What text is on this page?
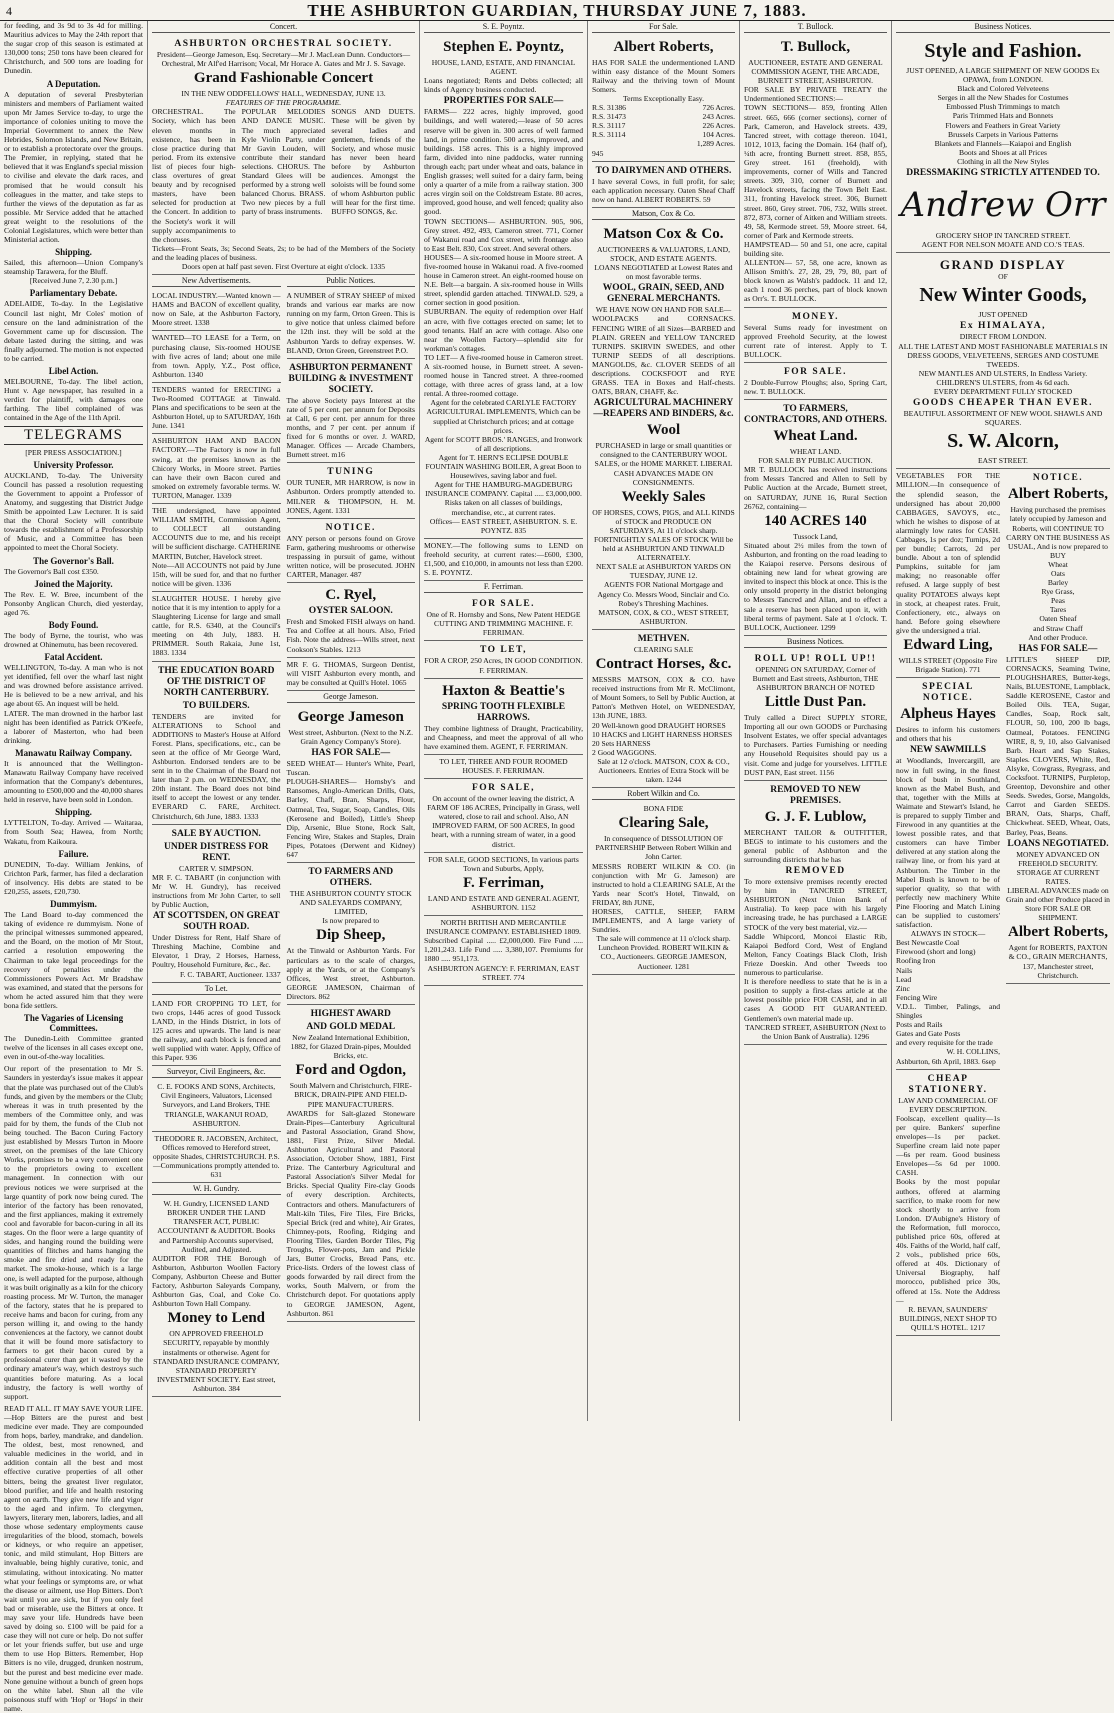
4	THE ASHBURTON GUARDIAN, THURSDAY JUNE 7, 1883.

for feeding, and 3s 9d to 3s 4d for milling. Mauritius advices to May the 24th report that the sugar crop of this season is estimated at 130,000 tons; 250 tons have been cleared for Christchurch, and 500 tons are loading for Dunedin.

A Deputation.

A deputation of several Presbyterian ministers and members of Parliament waited upon Mr James Service to-day, to urge the importance of colonies uniting to move the Imperial Government to annex the New Hebrides, Solomon Islands, and New Britain, or to establish a protectorate over the groups. The Premier, in replying, stated that he believed that it was England's special mission to civilise and elevate the dark races, and promised that he would consult his colleagues in the matter, and take steps to further the views of the deputation as far as possible. Mr Service added that he attached great weight to the resolutions of the Colonial Legislatures, which were better than Ministerial action.

Shipping.

Sailed, this afternoon—Union Company's steamship Tarawera, for the Bluff.

[Received June 7, 2.30 p.m.]

Parliamentary Debate.

ADELAIDE, To-day. In the Legislative Council last night, Mr Coles' motion of censure on the land administration of the Government came up for discussion. The debate lasted during the sitting, and was finally adjourned. The motion is not expected to be carried.

Libel Action.

MELBOURNE, To-day. The libel action, Hunt v. Age newspaper, has resulted in a verdict for plaintiff, with damages one farthing. The libel complained of was contained in the Age of the 11th April.

TELEGRAMS

[PER PRESS ASSOCIATION.]

University Professor.

AUCKLAND, To-day. The University Council has passed a resolution requesting the Government to appoint a Professor of Anatomy, and suggesting that District Judge Smith be appointed Law Lecturer. It is said that the Choral Society will contribute towards the establishment of a Professorship of Music, and a Committee has been appointed to meet the Choral Society.

The Governor's Ball.

The Governor's Ball cost £350.

Joined the Majority.

The Rev. E. W. Bree, incumbent of the Ponsonby Anglican Church, died yesterday, aged 76.

Body Found.

The body of Byrne, the tourist, who was drowned at Ohinemutu, has been recovered.

Fatal Accident.

WELLINGTON, To-day. A man who is not yet identified, fell over the wharf last night and was drowned before assistance arrived. He is believed to be a new arrival, and his age about 65. An inquest will be held.

LATER. The man drowned in the harbor last night has been identified as Patrick O'Keefe, a laborer of Masterton, who had been drinking.

Manawatu Railway Company.

It is announced that the Wellington-Manawatu Railway Company have received information that the Company's debentures, amounting to £500,000 and the 40,000 shares held in reserve, have been sold in London.

Shipping.

LYTTELTON, To-day. Arrived — Waitaraa, from South Sea; Hawea, from North; Wakatu, from Kaikoura.

Failure.

DUNEDIN, To-day. William Jenkins, of Crichton Park, farmer, has filed a declaration of insolvency. His debts are stated to be £20,255, assets, £20,730.

Dummyism.

The Land Board to-day commenced the taking of evidence re dummyism. None of the principal witnesses summoned appeared, and the Board, on the motion of Mr Stout, carried a resolution empowering the Chairman to take legal proceedings for the recovery of penalties under the Commissioners Powers Act. Mr Bradshaw was examined, and stated that the persons for whom he acted assured him that they were bona fide settlers.

The Vagaries of Licensing Committees.

The Dunedin-Leith Committee granted twelve of the licenses in all cases except one, even in out-of-the-way localities.

Our report of the presentation to Mr S. Saunders in yesterday's issue makes it appear that the plate was purchased out of the Club's funds, and given by the members or the Club; whereas it was in truth presented by the members of the Committee only, and was paid for by them, the funds of the Club not being touched. The Bacon Curing Factory just established by Messrs Turton in Moore street, on the premises of the late Chicory Works, promises to be a very convenient one to the proprietors owing to excellent management. In connection with our previous notices we were surprised at the large quantity of pork now being cured. The interior of the factory has been renovated, and the first appliances, making it extremely cool and favorable for bacon-curing in all its stages. On the floor were a large quantity of sides, and hanging round the building were quantities of flitches and hams hanging the smoke and fire dried and ready for the market. The smoke-house, which is a large one, is well adapted for the purpose, although it was built originally as a kiln for the chicory roasting process. Mr W. Turton, the manager of the factory, states that he is prepared to receive hams and bacon for curing, from any person willing it, and owing to the handy conveniences at the factory, we cannot doubt that it will be found more satisfactory to farmers to get their bacon cured by a professional curer than get it wasted by the ordinary amateur's way, which destroys such quantities before maturing. As a local industry, the factory is well worthy of support.

READ IT ALL. IT MAY SAVE YOUR LIFE.—Hop Bitters are the purest and best medicine ever made. They are compounded from hops, barley, mandrake, and dandelion. The oldest, best, most renowned, and valuable medicines in the world, and in addition contain all the best and most effective curative properties of all other bitters, being the greatest liver regulator, blood purifier, and life and health restoring agent on earth. They give new life and vigor to the aged and infirm. To clergymen, lawyers, literary men, laborers, ladies, and all those whose sedentary employments cause irregularities of the blood, stomach, bowels or kidneys, or who require an appetiser, tonic, and mild stimulant, Hop Bitters are invaluable, being highly curative, tonic, and stimulating, without intoxicating. No matter what your feelings or symptoms are, or what the disease or ailment, use Hop Bitters. Don't wait until you are sick, but if you only feel bad or miserable, use the Bitters at once. It may save your life. Hundreds have been saved by doing so. £100 will be paid for a case they will not cure or help. Do not suffer or let your friends suffer, but use and urge them to use Hop Bitters. Remember, Hop Bitters is no vile, drugged, drunken nostrum, but the purest and best medicine ever made. None genuine without a bunch of green hops on the white label. Shun all the vile poisonous stuff with 'Hop' or 'Hops' in their name.

Concert.
ASHBURTON ORCHESTRAL SOCIETY.

President—George Jameson, Esq. Secretary—Mr J. MacLean Dunn. Conductors—Orchestral, Mr Alf'ed Harrison; Vocal, Mr Horace A. Gates and Mr J. S. Savage.

Grand Fashionable Concert

IN THE NEW ODDFELLOWS' HALL, WEDNESDAY, JUNE 13.

FEATURES OF THE PROGRAMME.

ORCHESTRAL. The Society, which has been eleven months in existence, has been in close practice during that period. From its extensive list of pieces four high-class overtures of great beauty and by recognised masters, have been selected for production at the Concert. In addition to the Society's work it will supply accompaniments to the choruses.

POPULAR MELODIES AND DANCE MUSIC. The much appreciated Kyle Violin Party, under Mr Gavin Louden, will contribute their standard selections. CHORUS. The Standard Glees will be performed by a strong well balanced Chorus. BRASS. Two new pieces by a full party of brass instruments.

SONGS AND DUETS. These will be given by several ladies and gentlemen, friends of the Society, and whose music has never been heard before by Ashburton audiences. Amongst the soloists will be found some of whom Ashburton public will hear for the first time. BUFFO SONGS, &c.

Tickets—Front Seats, 3s; Second Seats, 2s; to be had of the Members of the Society and the leading places of business.

Doors open at half past seven. First Overture at eight o'clock. 1335

New Advertisements.

LOCAL INDUSTRY.—Wanted known —HAMS and BACON of excellent quality, now on Sale, at the Ashburton Factory, Moore street. 1338

WANTED—TO LEASE for a Term, on purchasing clause, Six-roomed HOUSE with five acres of land; about one mile from town. Apply, Y.Z., Post office, Ashburton. 1340

TENDERS wanted for ERECTING a Two-Roomed COTTAGE at Tinwald. Plans and specifications to be seen at the Ashburton Hotel, up to SATURDAY, 16th June. 1341

ASHBURTON HAM AND BACON FACTORY.—The Factory is now in full swing, at the premises known as the Chicory Works, in Moore street. Parties can have their own Bacon cured and smoked on extremely favorable terms. W. TURTON, Manager. 1339

THE undersigned, have appointed WILLIAM SMITH, Commission Agent, to COLLECT all outstanding ACCOUNTS due to me, and his receipt will be sufficient discharge. CATHERINE MARTIN, Butcher, Havelock street.

Note—All ACCOUNTS not paid by June 15th, will be sued for, and that no further notice will be given. 1336

SLAUGHTER HOUSE. I hereby give notice that it is my intention to apply for a Slaughtering License for large and small cattle, for R.S. 6340, at the Council's meeting on 4th July, 1883. H. PRIMMER. South Rakaia, June 1st, 1883. 1334

THE EDUCATION BOARD OF THE DISTRICT OF NORTH CANTERBURY.
TO BUILDERS.

TENDERS are invited for ALTERATIONS to School and ADDITIONS to Master's House at Alford Forest. Plans, specifications, etc., can be seen at the office of Mr George Ward, Ashburton. Endorsed tenders are to be sent in to the Chairman of the Board not later than 2 p.m. on WEDNESDAY, the 20th instant. The Board does not bind itself to accept the lowest or any tender. EVERARD C. FARE, Architect. Christchurch, 6th June, 1883. 1333

SALE BY AUCTION.
UNDER DISTRESS FOR RENT.

CARTER V. SIMPSON.

MR F. C. TABART (in conjunction with Mr W. H. Gundry), has received instructions from Mr John Carter, to sell by Public Auction,

AT SCOTTSDEN, ON GREAT SOUTH ROAD.

Under Distress for Rent, Half Share of Threshing Machine, Combine and Elevator, 1 Dray, 2 Horses, Harness, Poultry, Household Furniture, &c., &c.

F. C. TABART, Auctioneer. 1337

To Let.

LAND FOR CROPPING TO LET, for two crops, 1446 acres of good Tussock LAND, in the Hinds District, in lots of 125 acres and upwards. The land is near the railway, and each block is fenced and well supplied with water. Apply, Office of this Paper. 936

Surveyor, Civil Engineers, &c.

C. E. FOOKS AND SONS, Architects, Civil Engineers, Valuators, Licensed Surveyors, and Land Brokers, THE TRIANGLE, WAKANUI ROAD, ASHBURTON.

THEODORE R. JACOBSEN, Architect, Offices removed to Hereford street, opposite Shades, CHRISTCHURCH. P.S.—Communications promptly attended to. 631

W. H. Gundry.

W. H. Gundry, LICENSED LAND BROKER UNDER THE LAND TRANSFER ACT, PUBLIC ACCOUNTANT & AUDITOR. Books and Partnership Accounts supervised, Audited, and Adjusted.

AUDITOR FOR THE Borough of Ashburton, Ashburton Woollen Factory Company, Ashburton Cheese and Butter Factory, Ashburton Saleyards Company, Ashburton Gas, Coal, and Coke Co. Ashburton Town Hall Company.

Money to Lend

ON APPROVED FREEHOLD SECURITY, repayable by monthly instalments or otherwise. Agent for STANDARD INSURANCE COMPANY, STANDARD PROPERTY INVESTMENT SOCIETY. East street, Ashburton. 384

Public Notices.

A NUMBER of STRAY SHEEP of mixed brands and various ear marks are now running on my farm, Orton Green. This is to give notice that unless claimed before the 12th inst. they will be sold at the Ashburton Yards to defray expenses. W. BLAND, Orton Green, Greenstreet P.O.

ASHBURTON PERMANENT BUILDING & INVESTMENT SOCIETY.

The above Society pays Interest at the rate of 5 per cent. per annum for Deposits at Call, 6 per cent. per annum for three months, and 7 per cent. per annum if fixed for 6 months or over. J. WARD, Manager. Offices — Arcade Chambers, Burnett street. m16

TUNING

OUR TUNER, MR HARROW, is now in Ashburton. Orders promptly attended to. MILNER & THOMPSON, H. M. JONES, Agent. 1331

NOTICE.

ANY person or persons found on Grove Farm, gathering mushrooms or otherwise trespassing in pursuit of game, without written notice, will be prosecuted. JOHN CARTER, Manager. 487

C. Ryel,
OYSTER SALOON.

Fresh and Smoked FISH always on hand. Tea and Coffee at all hours. Also, Fried Fish. Note the address—Wills street, next Cookson's Stables. 1213

MR F. G. THOMAS, Surgeon Dentist, will VISIT Ashburton every month, and may be consulted at Quill's Hotel. 1065

George Jameson.
George Jameson

West street, Ashburton. (Next to the N.Z. Grain Agency Company's Store).

HAS FOR SALE—

SEED WHEAT— Hunter's White, Pearl, Tuscan.

PLOUGH-SHARES— Hornsby's and Ransomes, Anglo-American Drills, Oats, Barley, Chaff, Bran, Sharps, Flour, Oatmeal, Tea, Sugar, Soap, Candles, Oils (Kerosene and Boiled), Little's Sheep Dip, Arsenic, Blue Stone, Rock Salt, Fencing Wire, Stakes and Staples, Drain Pipes, Potatoes (Derwent and Kidney) 647

TO FARMERS AND OTHERS.

THE ASHBURTON COUNTY STOCK AND SALEYARDS COMPANY, LIMITED,

Is now prepared to

Dip Sheep,

At the Tinwald or Ashburton Yards. For particulars as to the scale of charges, apply at the Yards, or at the Company's Offices, West street, Ashburton. GEORGE JAMESON, Chairman of Directors. 862

HIGHEST AWARD
AND GOLD MEDAL

New Zealand International Exhibition, 1882, for Glazed Drain-pipes, Moulded Bricks, etc.

Ford and Ogdon,

South Malvern and Christchurch, FIRE-BRICK, DRAIN-PIPE AND FIELD-PIPE MANUFACTURERS.

AWARDS for Salt-glazed Stoneware Drain-Pipes—Canterbury Agricultural and Pastoral Association, Grand Show, 1881, First Prize, Silver Medal. Ashburton Agricultural and Pastoral Association, October Show, 1881, First Prize. The Canterbury Agricultural and Pastoral Association's Silver Medal for Bricks. Special Quality Fire-clay Goods of every description. Architects, Contractors and others. Manufacturers of Malt-kiln Tiles, Fire Tiles, Fire Bricks, Special Brick (red and white), Air Grates, Chimney-pots, Roofing, Ridging and Flooring Tiles, Garden Border Tiles, Pig Troughs, Flower-pots, Jam and Pickle Jars, Butter Crocks, Bread Pans, etc. Price-lists. Orders of the lowest class of goods forwarded by rail direct from the works, South Malvern, or from the Christchurch depot. For quotations apply to GEORGE JAMESON, Agent, Ashburton. 861

S. E. Poyntz.
Stephen E. Poyntz,

HOUSE, LAND, ESTATE, AND FINANCIAL AGENT.

Loans negotiated; Rents and Debts collected; all kinds of Agency business conducted.

PROPERTIES FOR SALE—

FARMS— 222 acres, highly improved, good buildings, and well watered;—lease of 50 acres reserve will be given in. 300 acres of well farmed land, in prime condition. 500 acres, improved, and buildings. 158 acres. This is a highly improved farm, divided into nine paddocks, water running through each; part under wheat and oats, balance in English grasses; well suited for a dairy farm, being only a quarter of a mile from a railway station. 300 acres virgin soil on the Coldstream Estate. 80 acres, improved, good house, and well fenced; quality also good.

TOWN SECTIONS— ASHBURTON. 905, 906, Grey street. 492, 493, Cameron street. 771, Corner of Wakanui road and Cox street, with frontage also to East Belt. 830, Cox street. And several others.

HOUSES— A six-roomed house in Moore street. A five-roomed house in Wakanui road. A five-roomed house in Cameron street. An eight-roomed house on N.E. Belt—a bargain. A six-roomed house in Wills street, splendid garden attached. TINWALD. 529, a corner section in good position.

SUBURBAN. The equity of redemption over Half an acre, with five cottages erected on same; let to good tenants. Half an acre with cottage. Also one near the Woollen Factory—splendid site for workman's cottages.

TO LET— A five-roomed house in Cameron street. A six-roomed house, in Burnett street. A seven-roomed house in Tancred street. A three-roomed cottage, with three acres of grass land, at a low rental. A three-roomed cottage.

Agent for the celebrated CARLYLE FACTORY AGRICULTURAL IMPLEMENTS, Which can be supplied at Christchurch prices; and at cottage prices.

Agent for SCOTT BROS.' RANGES, and Ironwork of all descriptions.

Agent for T. HERN'S ECLIPSE DOUBLE FOUNTAIN WASHING BOILER, A great Boon to Housewives, saving labor and fuel.

Agent for THE HAMBURG-MAGDEBURG INSURANCE COMPANY. Capital ..... £3,000,000. Risks taken on all classes of buildings, merchandise, etc., at current rates.

Offices— EAST STREET, ASHBURTON. S. E. POYNTZ. 835

MONEY.—The following sums to LEND on freehold security, at current rates:—£600, £300, £1,500, and £10,000, in amounts not less than £200. S. E. POYNTZ.

F. Ferriman.
FOR SALE.

One of R. Hornsby and Sons, New Patent HEDGE CUTTING AND TRIMMING MACHINE. F. FERRIMAN.

TO LET,

FOR A CROP, 250 Acres, IN GOOD CONDITION. F. FERRIMAN.

Haxton & Beattie's
SPRING TOOTH FLEXIBLE HARROWS.

They combine lightness of Draught, Practicability, and Cheapness, and meet the approval of all who have examined them. AGENT, F. FERRIMAN.

TO LET, THREE AND FOUR ROOMED HOUSES. F. FERRIMAN.

FOR SALE,

On account of the owner leaving the district, A FARM OF 186 ACRES, Principally in Grass, well watered, close to rail and school. Also, AN IMPROVED FARM, OF 500 ACRES, In good heart, with a running stream of water, in a good district.

FOR SALE, GOOD SECTIONS, In various parts Town and Suburbs, Apply,

F. Ferriman,

LAND AND ESTATE AND GENERAL AGENT, ASHBURTON. 1152

NORTH BRITISH AND MERCANTILE INSURANCE COMPANY. ESTABLISHED 1809.

Subscribed Capital ..... £2,000,000. Fire Fund ..... 1,201,243. Life Fund ..... 3,380,107. Premiums for 1880 ..... 951,173.

ASHBURTON AGENCY: F. FERRIMAN, EAST STREET. 774

For Sale.
Albert Roberts,

HAS FOR SALE the undermentioned LAND within easy distance of the Mount Somers Railway and the thriving town of Mount Somers.

Terms Exceptionally Easy.

R.S. 31386	726 Acres.
R.S. 31473	243 Acres.
R.S. 31117	226 Acres.
R.S. 31114	104 Acres.

1,289 Acres.

945

TO DAIRYMEN AND OTHERS.

I have several Cows, in full profit, for sale; each application necessary. Oaten Sheaf Chaff now on hand. ALBERT ROBERTS. 59

Matson, Cox & Co.
Matson Cox & Co.

AUCTIONEERS & VALUATORS, LAND, STOCK, AND ESTATE AGENTS.

LOANS NEGOTIATED at Lowest Rates and on most favorable terms.

WOOL, GRAIN, SEED, AND GENERAL MERCHANTS.

WE HAVE NOW ON HAND FOR SALE—

WOOLPACKS and CORNSACKS. FENCING WIRE of all Sizes—BARBED and PLAIN. GREEN and YELLOW TANCRED TURNIPS. SKIRVIN SWEDES, and other TURNIP SEEDS of all descriptions. MANGOLDS, &c. CLOVER SEEDS of all descriptions. COCKSFOOT and RYE GRASS. TEA in Boxes and Half-chests. OATS, BRAN, CHAFF, &c.

AGRICULTURAL MACHINERY—REAPERS AND BINDERS, &c.
Wool

PURCHASED in large or small quantities or consigned to the CANTERBURY WOOL SALES, or the HOME MARKET. LIBERAL CASH ADVANCES MADE ON CONSIGNMENTS.

Weekly Sales

OF HORSES, COWS, PIGS, and ALL KINDS of STOCK and PRODUCE ON SATURDAYS, At 11 o'clock sharp.

FORTNIGHTLY SALES OF STOCK Will be held at ASHBURTON AND TINWALD ALTERNATELY.

NEXT SALE at ASHBURTON YARDS ON TUESDAY, JUNE 12.

AGENTS FOR National Mortgage and Agency Co. Messrs Wood, Sinclair and Co. Robey's Threshing Machines.

MATSON, COX, & CO., WEST STREET, ASHBURTON.

METHVEN.

CLEARING SALE

Contract Horses, &c.

MESSRS MATSON, COX & CO. have received instructions from Mr R. McClimont, of Mount Somers, to Sell by Public Auction, at Patton's Methven Hotel, on WEDNESDAY, 13th JUNE, 1883.

20 Well-known good DRAUGHT HORSES

10 HACKS and LIGHT HARNESS HORSES

20 Sets HARNESS

2 Good WAGGONS.

Sale at 12 o'clock. MATSON, COX & CO., Auctioneers. Entries of Extra Stock will be taken. 1244

Robert Wilkin and Co.

BONA FIDE

Clearing Sale,

In consequence of DISSOLUTION OF PARTNERSHIP Between Robert Wilkin and John Carter.

MESSRS ROBERT WILKIN & CO. (in conjunction with Mr G. Jameson) are instructed to hold a CLEARING SALE, At the Yards near Scott's Hotel, Tinwald, on FRIDAY, 8th JUNE,

HORSES, CATTLE, SHEEP, FARM IMPLEMENTS, and A large variety of Sundries.

The sale will commence at 11 o'clock sharp. Luncheon Provided. ROBERT WILKIN & CO., Auctioneers. GEORGE JAMESON, Auctioneer. 1281

T. Bullock.
T. Bullock,

AUCTIONEER, ESTATE AND GENERAL COMMISSION AGENT, THE ARCADE, BURNETT STREET, ASHBURTON.

FOR SALE BY PRIVATE TREATY the Undermentioned SECTIONS:—

TOWN SECTIONS— 859, fronting Allen street. 665, 666 (corner sections), corner of Park, Cameron, and Havelock streets. 439, Tancred street, with cottage thereon. 1041, 1012, 1013, facing the Domain. 164 (half of), ¼th acre, fronting Burnett street. 858, 855, Grey street. 161 (freehold), with improvements, corner of Wills and Tancred streets. 309, 310, corner of Burnett and Havelock streets, facing the Town Belt East. 311, fronting Havelock street. 306, Burnett street. 860, Grey street. 706, 732, Wills street. 872, 873, corner of Aitken and William streets. 49, 58, Kermode street. 59, Moore street. 64, corner of Park and Kermode streets.

HAMPSTEAD— 50 and 51, one acre, capital building site.

ALLENTON— 57, 58, one acre, known as Allison Smith's. 27, 28, 29, 79, 80, part of block known as Walsh's paddock. 11 and 12, each 1 rood 36 perches, part of block known as Orr's. T. BULLOCK.

MONEY.

Several Sums ready for investment on approved Freehold Security, at the lowest current rate of interest. Apply to T. BULLOCK.

FOR SALE.

2 Double-Furrow Ploughs; also, Spring Cart, new. T. BULLOCK.

TO FARMERS, CONTRACTORS, AND OTHERS.
Wheat Land.

WHEAT LAND.

FOR SALE BY PUBLIC AUCTION.

MR T. BULLOCK has received instructions from Messrs Tancred and Allen to Sell by Public Auction at the Arcade, Burnett street, on SATURDAY, JUNE 16, Rural Section 26762, containing—

140 ACRES 140

Tussock Land,

Situated about 2½ miles from the town of Ashburton, and fronting on the road leading to the Kaiapoi reserve. Persons desirous of obtaining new land for wheat growing are invited to inspect this block at once. This is the only unsold property in the district belonging to Messrs Tancred and Allan, and to effect a sale a reserve has been placed upon it, with liberal terms of payment. Sale at 1 o'clock. T. BULLOCK, Auctioneer. 1299

Business Notices.
ROLL UP! ROLL UP!!

OPENING ON SATURDAY, Corner of Burnett and East streets, Ashburton, THE ASHBURTON BRANCH OF NOTED

Little Dust Pan.

Truly called a Direct SUPPLY STORE, Importing all our own GOODS or Purchasing Insolvent Estates, we offer special advantages to Purchasers. Parties Furnishing or needing any Household Requisites should pay us a visit. Come and judge for yourselves. LITTLE DUST PAN, East street. 1156

REMOVED TO NEW PREMISES.
G. J. F. Lublow,

MERCHANT TAILOR & OUTFITTER, BEGS to intimate to his customers and the general public of Ashburton and the surrounding districts that he has

REMOVED

To more extensive premises recently erected by him in TANCRED STREET, ASHBURTON (Next Union Bank of Australia). To keep pace with his largely increasing trade, he has purchased a LARGE STOCK of the very best material, viz.—

Saddle Whipcord, Moncoi Elastic Rib, Kaiapoi Bedford Cord, West of England Melton, Fancy Coatings Black Cloth, Irish Frieze Doeskin. And other Tweeds too numerous to particularise.

It is therefore needless to state that he is in a position to supply a first-class article at the lowest possible price FOR CASH, and in all cases A GOOD FIT GUARANTEED. Gentlemen's own material made up.

TANCRED STREET, ASHBURTON (Next to the Union Bank of Australia). 1296

Business Notices.
Style and Fashion.

JUST OPENED, A LARGE SHIPMENT OF NEW GOODS Ex OPAWA, from LONDON.

Black and Colored Velveteens

Serges in all the New Shades for Costumes

Embossed Plush Trimmings to match

Paris Trimmed Hats and Bonnets

Flowers and Feathers in Great Variety

Brussels Carpets in Various Patterns

Blankets and Flannels—Kaiapoi and English

Boots and Shoes at all Prices

Clothing in all the New Styles

DRESSMAKING STRICTLY ATTENDED TO.
Andrew Orr

GROCERY SHOP IN TANCRED STREET.

AGENT FOR NELSON MOATE AND CO.'S TEAS.

GRAND DISPLAY

OF

New Winter Goods,

JUST OPENED

Ex HIMALAYA,

DIRECT FROM LONDON.

ALL THE LATEST AND MOST FASHIONABLE MATERIALS IN DRESS GOODS, VELVETEENS, SERGES AND COSTUME TWEEDS.

NEW MANTLES AND ULSTERS, In Endless Variety.

CHILDREN'S ULSTERS, from 4s 6d each.

EVERY DEPARTMENT FULLY STOCKED

GOODS CHEAPER THAN EVER.

BEAUTIFUL ASSORTMENT OF NEW WOOL SHAWLS AND SQUARES.

S. W. Alcorn,

EAST STREET.

VEGETABLES FOR THE MILLION.—In consequence of the splendid season, the undersigned has about 20,000 CABBAGES, SAVOYS, etc., which he wishes to dispose of at alarmingly low rates for CASH. Cabbages, 1s per doz; Turnips, 2d per bundle; Carrots, 2d per bundle. About a ton of splendid Pumpkins, suitable for jam making; no reasonable offer refused. A large supply of best quality POTATOES always kept in stock, at cheapest rates. Fruit, Confectionery, etc., always on hand. Before going elsewhere give the undersigned a trial.

Edward Ling,

WILLS STREET (Opposite Fire Brigade Station). 771

SPECIAL NOTICE.
Alpheus Hayes

Desires to inform his customers and others that his

NEW SAWMILLS

at Woodlands, Invercargill, are now in full swing, in the finest block of bush in Southland, known as the Mabel Bush, and that, together with the Mills at Waimate and Stewart's Island, he is prepared to supply Timber and Firewood in any quantities at the lowest possible rates, and that customers can have Timber delivered at any station along the railway line, or from his yard at Ashburton. The Timber in the Mabel Bush is known to be of superior quality, so that with perfectly new machinery White Pine Flooring and Match Lining can be supplied to customers' satisfaction.

ALWAYS IN STOCK—

Best Newcastle Coal

Firewood (short and long)

Roofing Iron

Nails

Lead

Zinc

Fencing Wire

V.D.L. Timber, Palings, and Shingles

Posts and Rails

Gates and Gate Posts

and every requisite for the trade

W. H. COLLINS,

Ashburton, 6th April, 1883. 6sep

CHEAP STATIONERY.

LAW AND COMMERCIAL OF EVERY DESCRIPTION.

Foolscap, excellent quality—1s per quire. Bankers' superfine envelopes—1s per packet. Superfine cream laid note paper—6s per ream. Good business Envelopes—5s 6d per 1000. CASH.

Books by the most popular authors, offered at alarming sacrifice, to make room for new stock shortly to arrive from London. D'Aubigne's History of the Reformation, full morocco, published price 60s, offered at 40s. Faiths of the World, half calf, 2 vols., published price 60s, offered at 40s. Dictionary of Universal Biography, half morocco, published price 30s, offered at 15s. Note the Address—

R. BEVAN, SAUNDERS' BUILDINGS, NEXT SHOP TO QUILL'S HOTEL. 1217

NOTICE.
Albert Roberts,

Having purchased the premises lately occupied by Jameson and Roberts, will CONTINUE TO CARRY ON THE BUSINESS AS USUAL, And is now prepared to BUY

Wheat

Oats

Barley

Rye Grass,

Peas

Tares

Oaten Sheaf

and Straw Chaff

And other Produce.

HAS FOR SALE—

LITTLE'S SHEEP DIP, CORNSACKS, Seaming Twine, PLOUGHSHARES, Butter-kegs, Nails, BLUESTONE, Lampblack, Saddle KEROSENE, Castor and Boiled Oils. TEA, Sugar, Candles, Soap, Rock salt, FLOUR, 50, 100, 200 lb bags, Oatmeal, Potatoes. FENCING WIRE, 8, 9, 10, also Galvanised Barb. Heart and Sap Stakes, Staples. CLOVERS, White, Red, Alsyke, Cowgrass, Ryegrass, and Cocksfoot. TURNIPS, Purpletop, Greentop, Devonshire and other Seeds. Swedes, Gorse, Mangolds, Carrot and Garden SEEDS. BRAN, Oats, Sharps, Chaff, Chickwheat. SEED, Wheat, Oats, Barley, Peas, Beans.

LOANS NEGOTIATED.

MONEY ADVANCED ON FREEHOLD SECURITY.

STORAGE AT CURRENT RATES.

LIBERAL ADVANCES made on Grain and other Produce placed in Store FOR SALE OR SHIPMENT.

Albert Roberts,

Agent for ROBERTS, PAXTON & CO., GRAIN MERCHANTS,

137, Manchester street, Christchurch.
